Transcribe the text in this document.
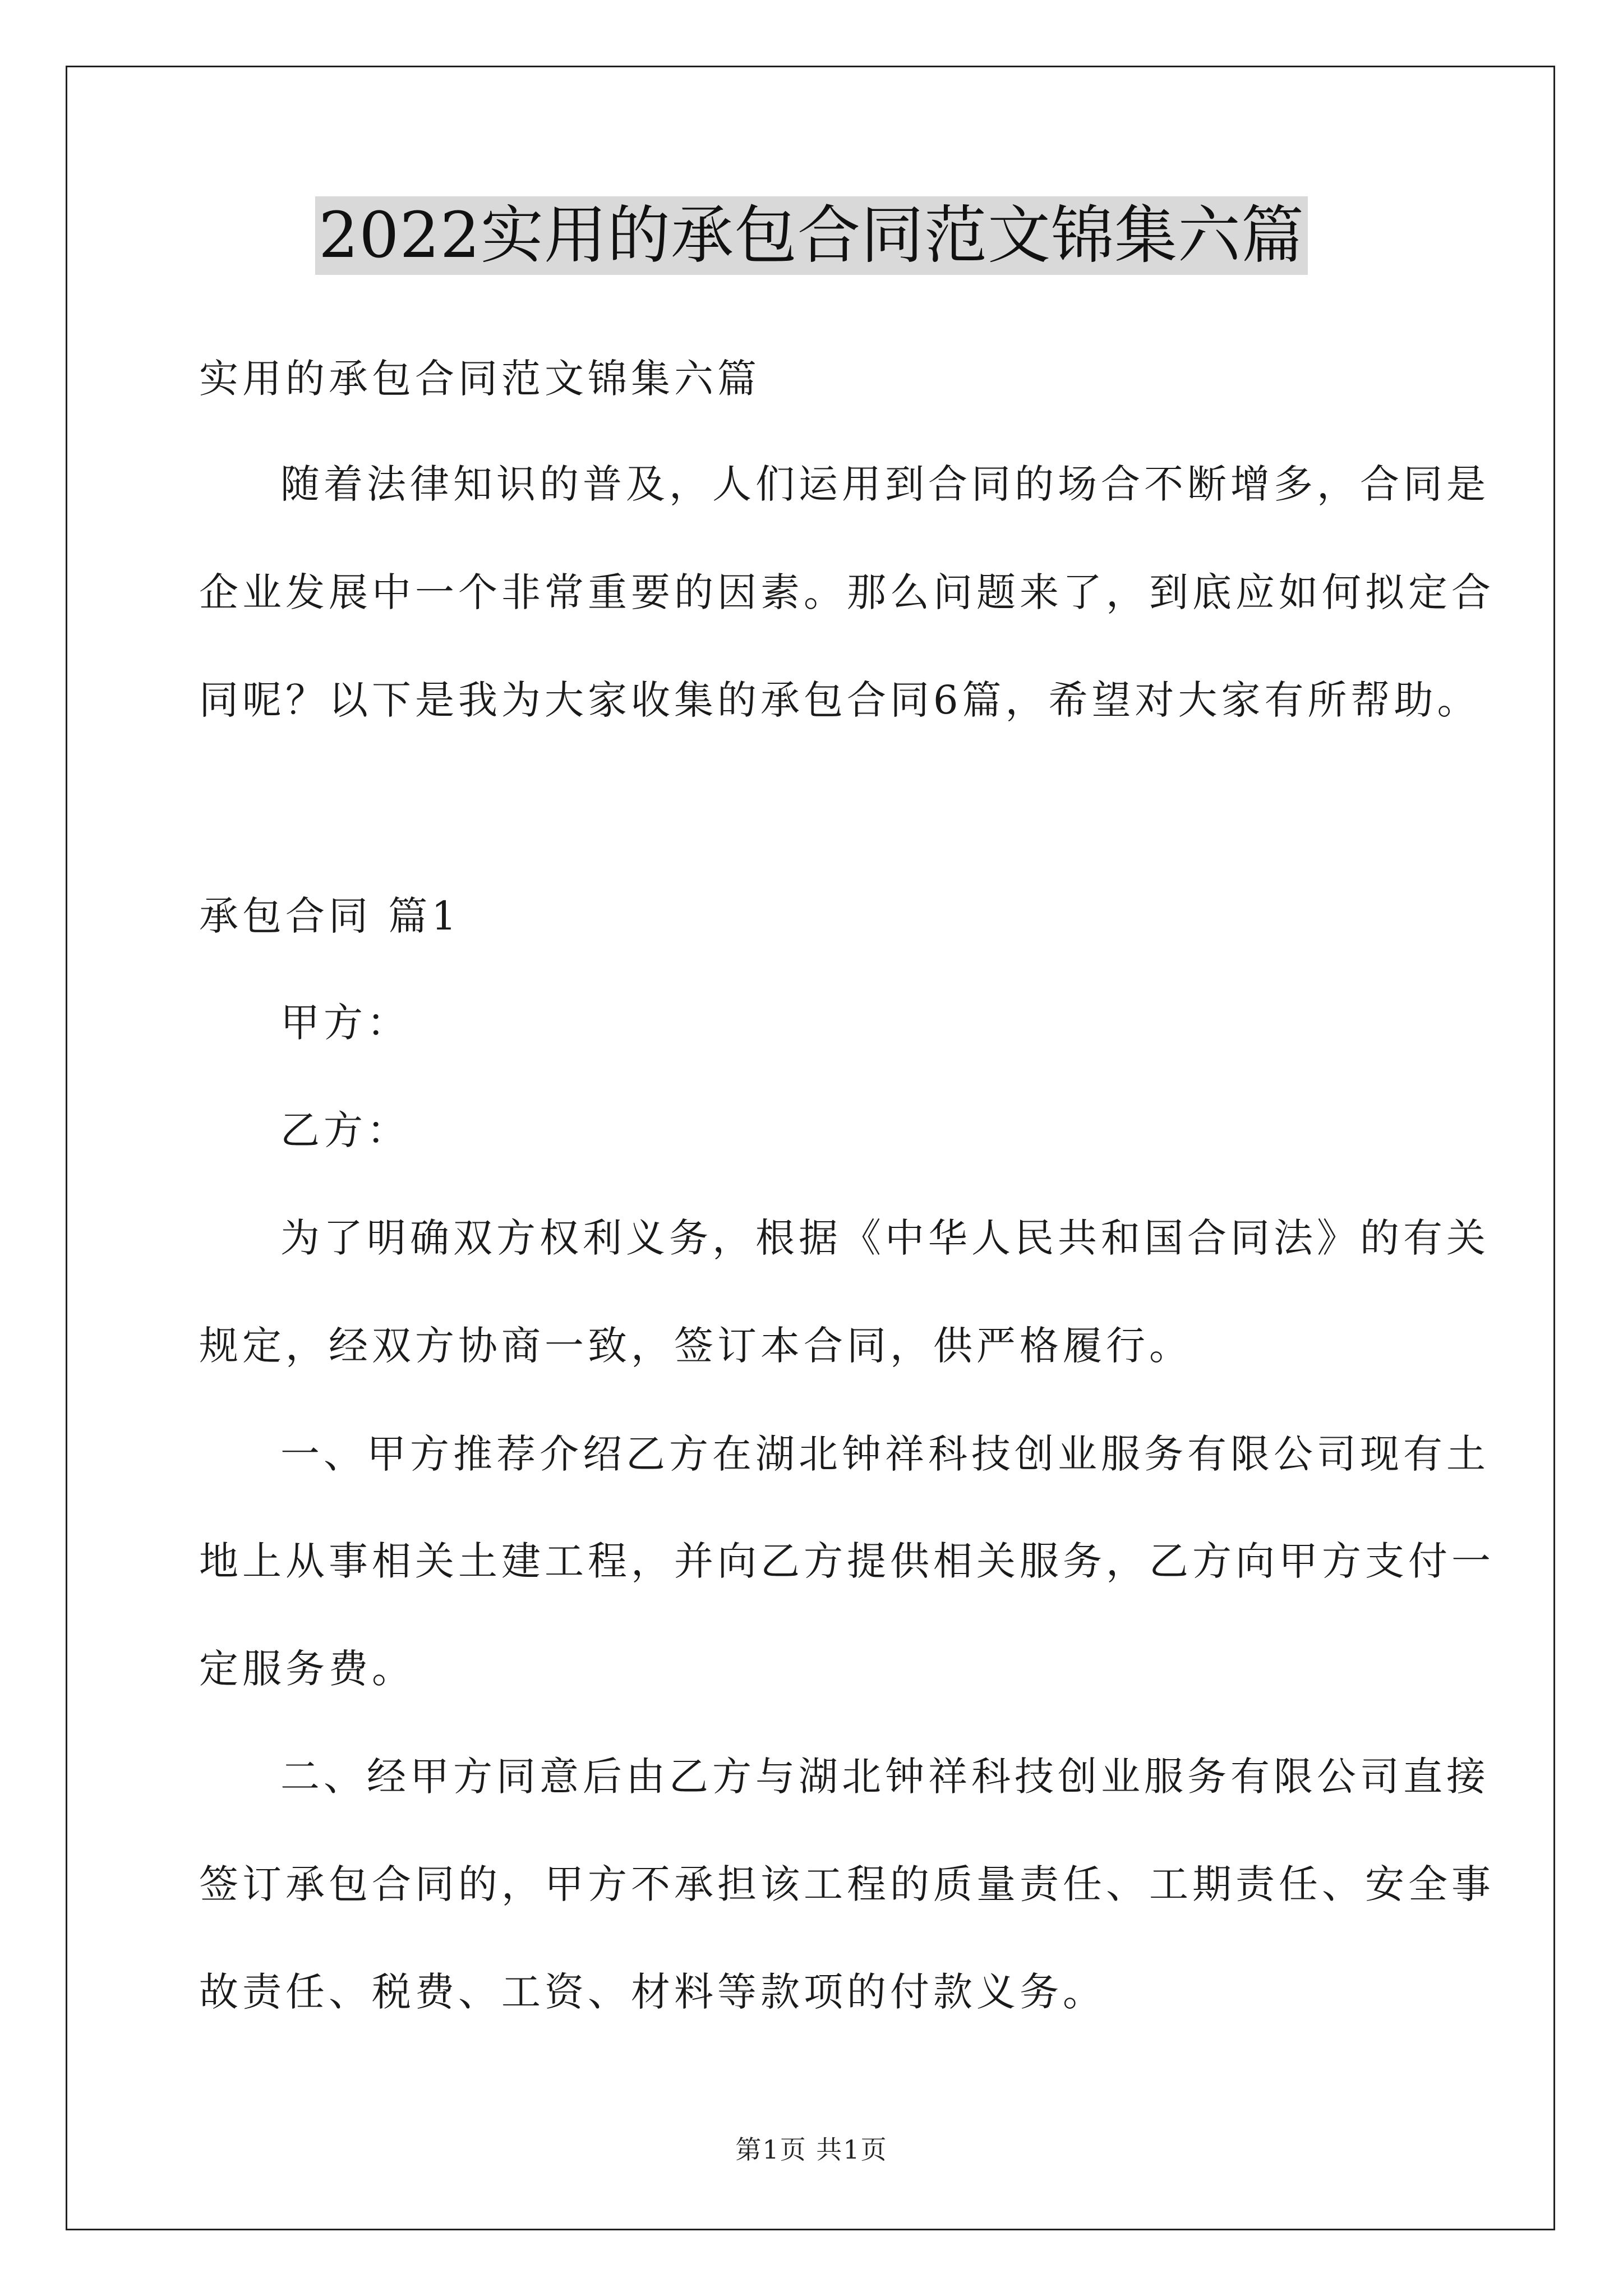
2022实用的承包合同范文锦集六篇
实用的承包合同范文锦集六篇
随着法律知识的普及，人们运用到合同的场合不断增多，合同是
企业发展中一个非常重要的因素。那么问题来了，到底应如何拟定合
同呢？以下是我为大家收集的承包合同6篇，希望对大家有所帮助。
承包合同 篇1
甲方：
乙方：
为了明确双方权利义务，根据《中华人民共和国合同法》的有关
规定，经双方协商一致，签订本合同，供严格履行。
一、甲方推荐介绍乙方在湖北钟祥科技创业服务有限公司现有土
地上从事相关土建工程，并向乙方提供相关服务，乙方向甲方支付一
定服务费。
二、经甲方同意后由乙方与湖北钟祥科技创业服务有限公司直接
签订承包合同的，甲方不承担该工程的质量责任、工期责任、安全事
故责任、税费、工资、材料等款项的付款义务。
第1页 共1页
